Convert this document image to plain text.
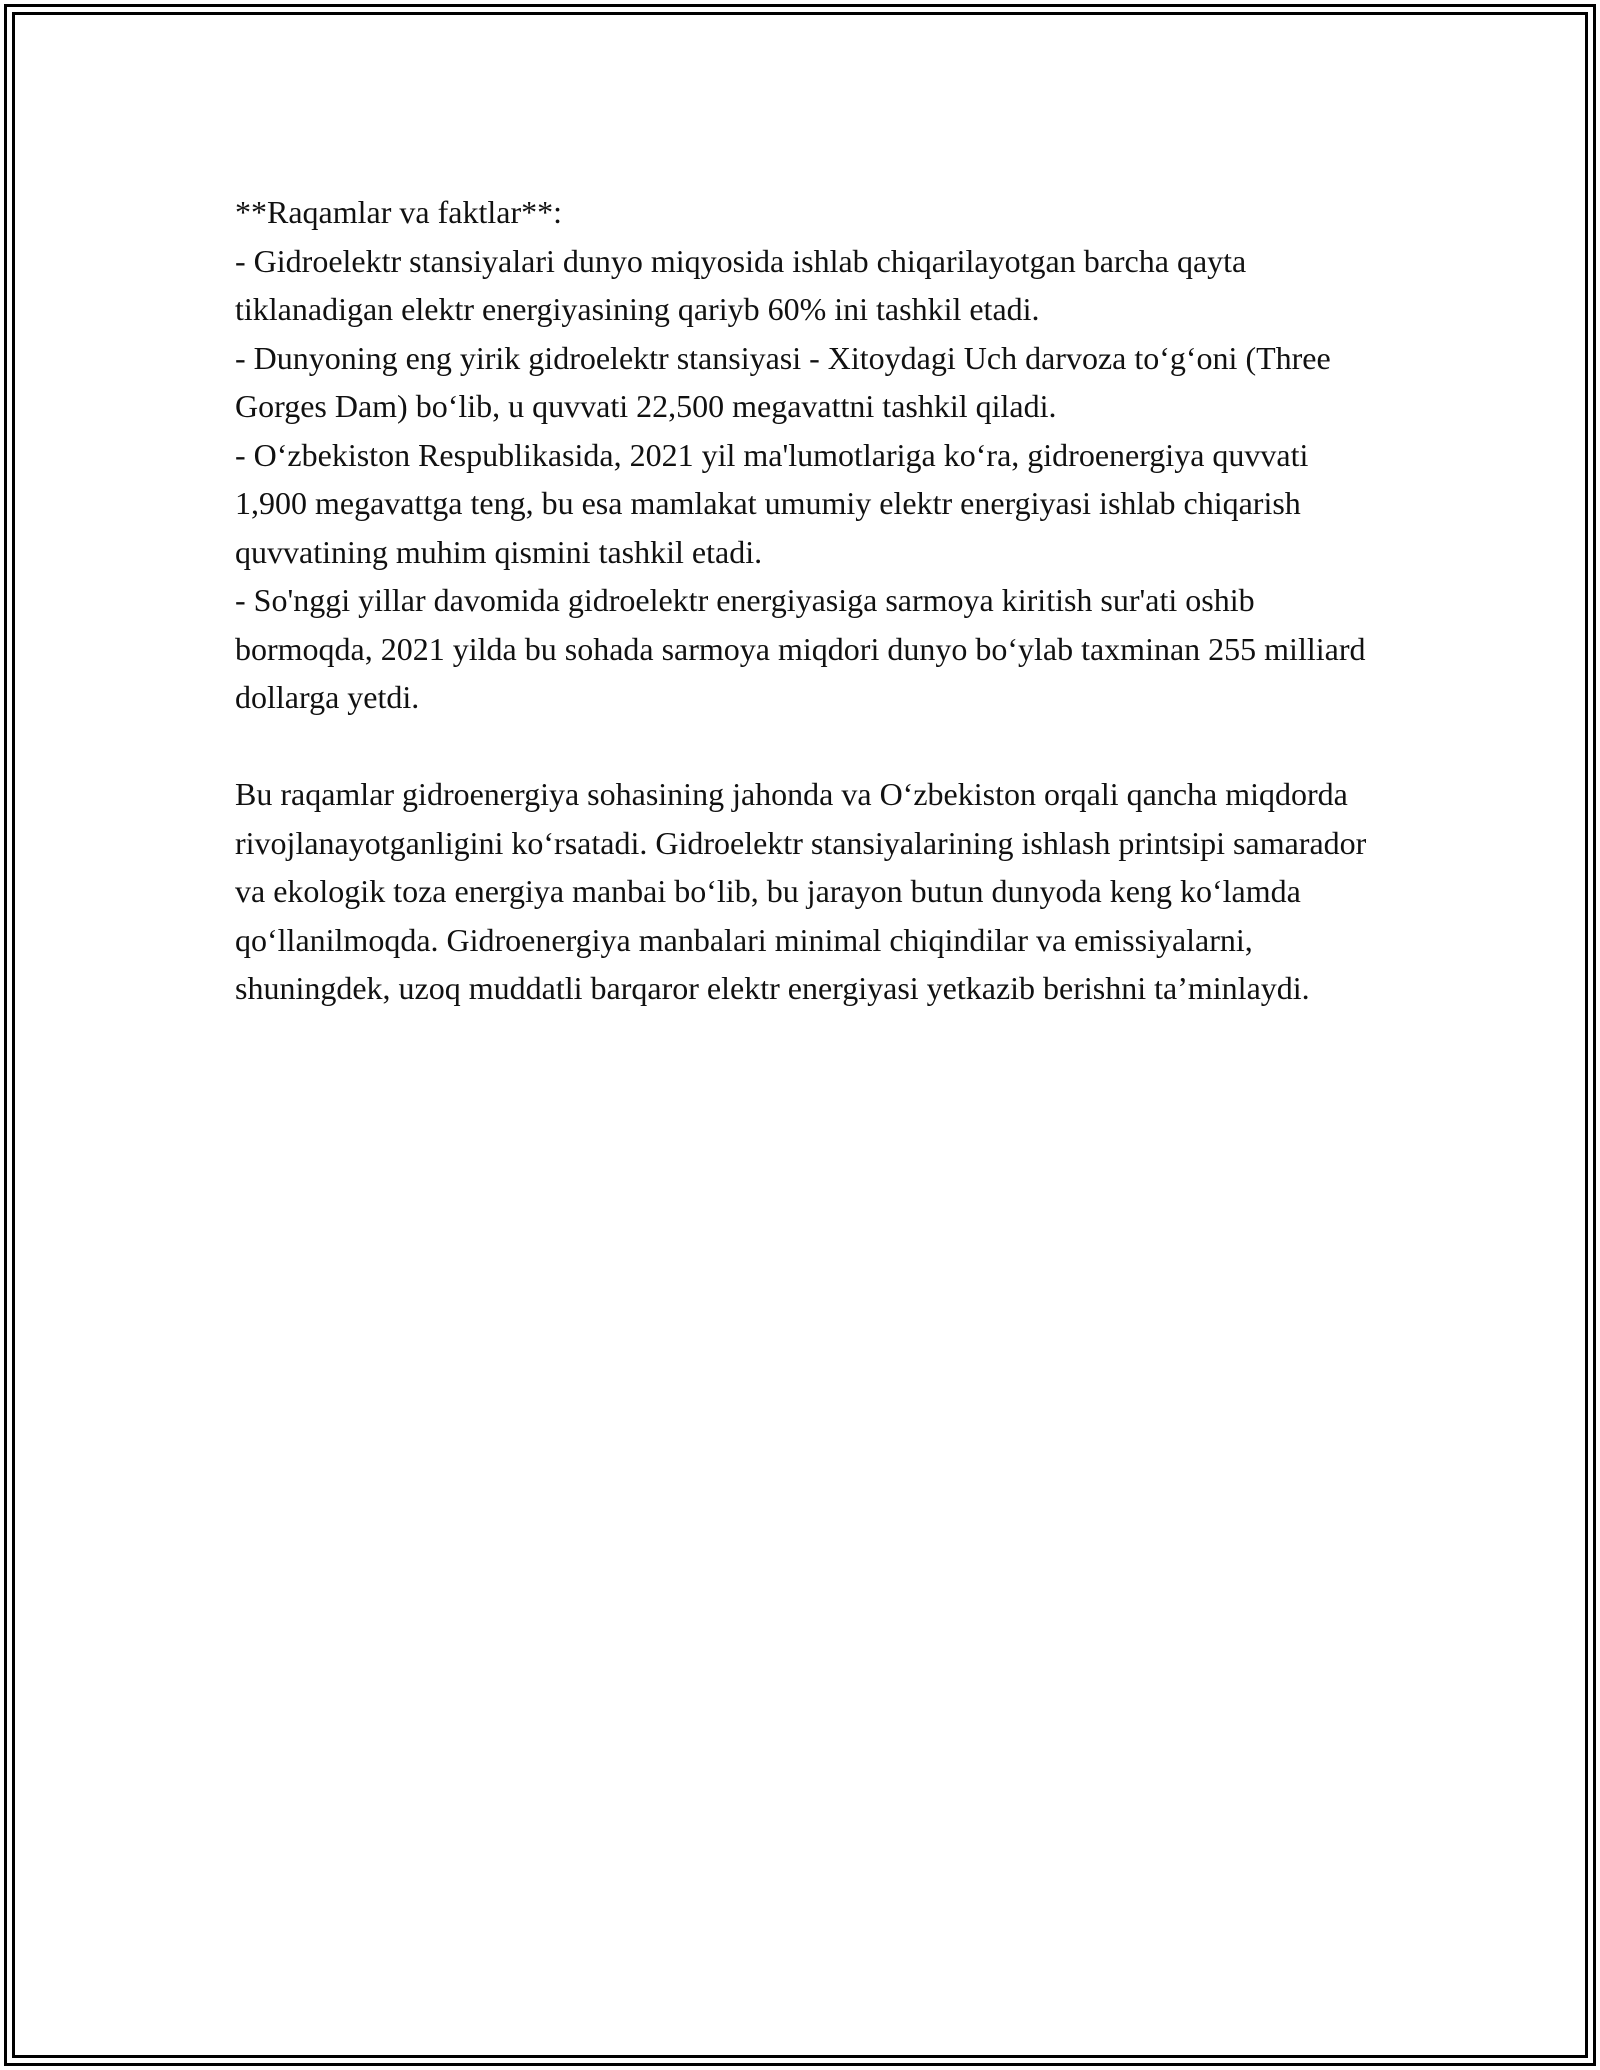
**Raqamlar va faktlar**:

- Gidroelektr stansiyalari dunyo miqyosida ishlab chiqarilayotgan barcha qayta tiklanadigan elektr energiyasining qariyb 60% ini tashkil etadi.

- Dunyoning eng yirik gidroelektr stansiyasi - Xitoydagi Uch darvoza to‘g‘oni (Three Gorges Dam) bo‘lib, u quvvati 22,500 megavattni tashkil qiladi.

- O‘zbekiston Respublikasida, 2021 yil ma'lumotlariga ko‘ra, gidroenergiya quvvati 1,900 megavattga teng, bu esa mamlakat umumiy elektr energiyasi ishlab chiqarish quvvatining muhim qismini tashkil etadi.

- So'nggi yillar davomida gidroelektr energiyasiga sarmoya kiritish sur'ati oshib bormoqda, 2021 yilda bu sohada sarmoya miqdori dunyo bo‘ylab taxminan 255 milliard dollarga yetdi.

Bu raqamlar gidroenergiya sohasining jahonda va O‘zbekiston orqali qancha miqdorda rivojlanayotganligini ko‘rsatadi. Gidroelektr stansiyalarining ishlash printsipi samarador va ekologik toza energiya manbai bo‘lib, bu jarayon butun dunyoda keng ko‘lamda qo‘llanilmoqda. Gidroenergiya manbalari minimal chiqindilar va emissiyalarni, shuningdek, uzoq muddatli barqaror elektr energiyasi yetkazib berishni ta’minlaydi.
